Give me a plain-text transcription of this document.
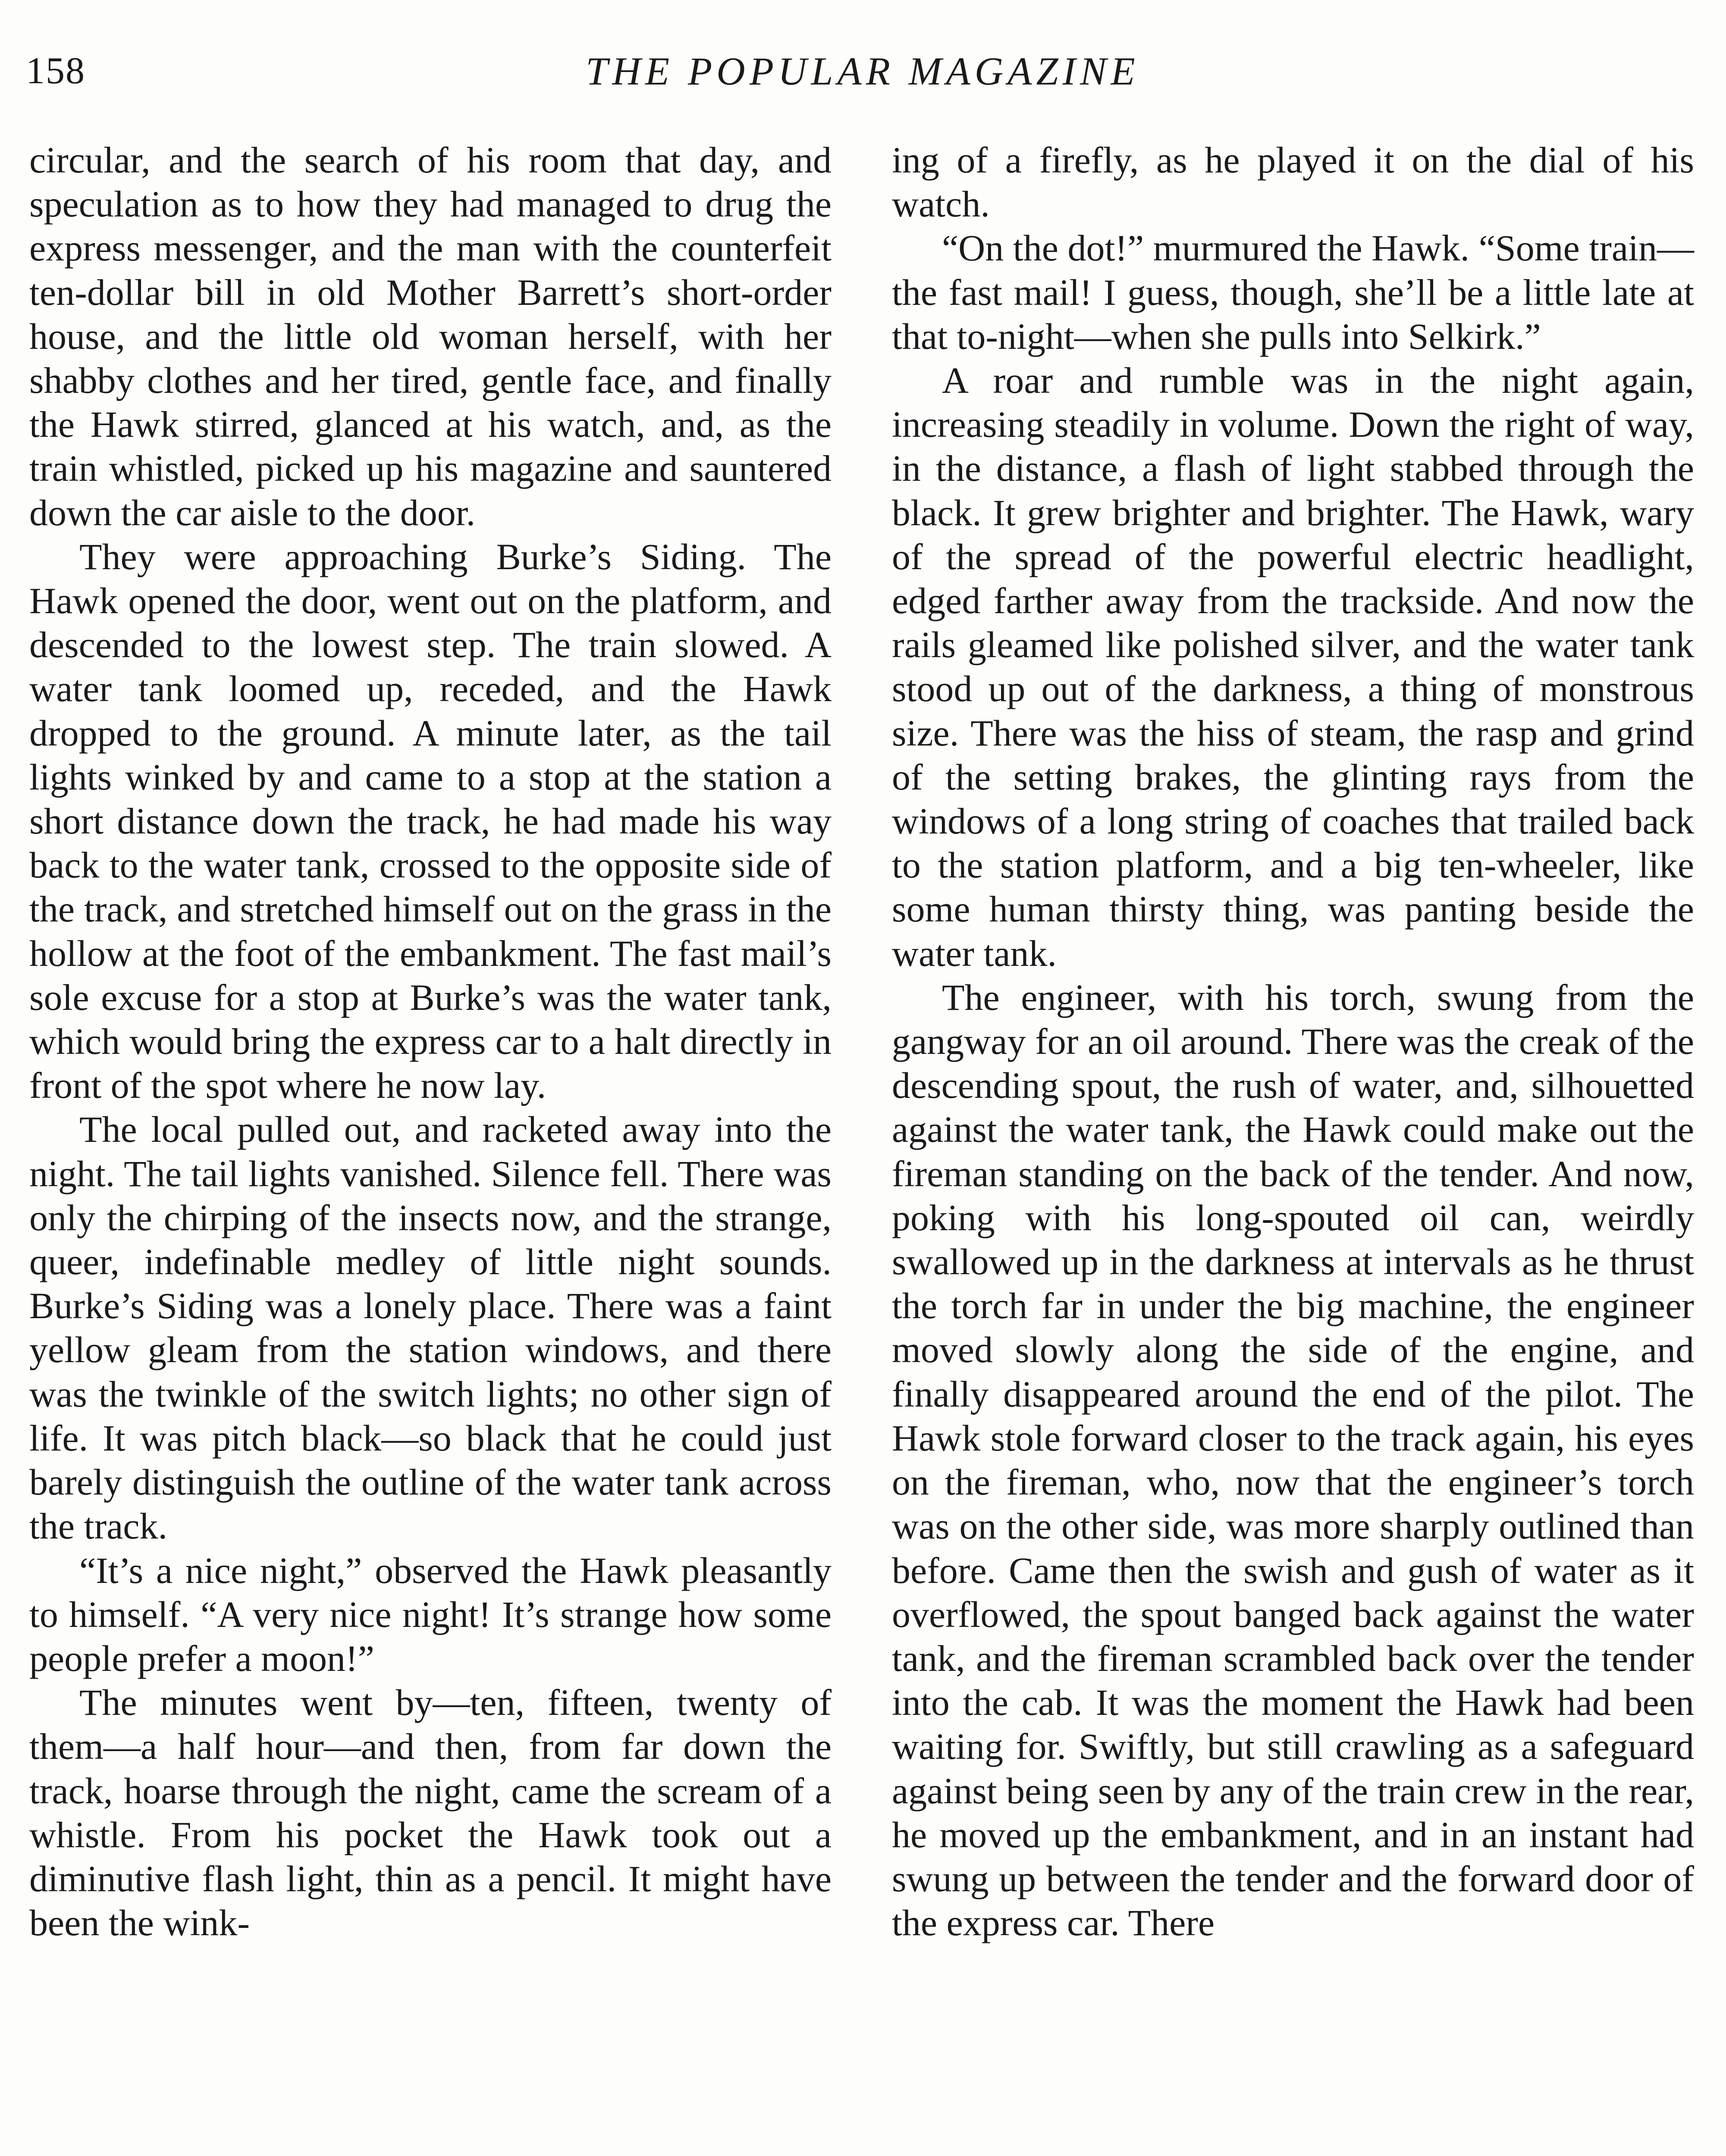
158	THE POPULAR MAGAZINE

circular, and the search of his room that day, and speculation as to how they had managed to drug the express messenger, and the man with the counterfeit ten-dollar bill in old Mother Barrett’s short-order house, and the little old woman herself, with her shabby clothes and her tired, gentle face, and finally the Hawk stirred, glanced at his watch, and, as the train whistled, picked up his magazine and sauntered down the car aisle to the door.

They were approaching Burke’s Siding. The Hawk opened the door, went out on the platform, and descended to the lowest step. The train slowed. A water tank loomed up, receded, and the Hawk dropped to the ground. A minute later, as the tail lights winked by and came to a stop at the station a short distance down the track, he had made his way back to the water tank, crossed to the opposite side of the track, and stretched himself out on the grass in the hollow at the foot of the embankment. The fast mail’s sole excuse for a stop at Burke’s was the water tank, which would bring the express car to a halt directly in front of the spot where he now lay.

The local pulled out, and racketed away into the night. The tail lights vanished. Silence fell. There was only the chirping of the insects now, and the strange, queer, indefinable medley of little night sounds. Burke’s Siding was a lonely place. There was a faint yellow gleam from the station windows, and there was the twinkle of the switch lights; no other sign of life. It was pitch black—so black that he could just barely distinguish the outline of the water tank across the track.

“It’s a nice night,” observed the Hawk pleasantly to himself. “A very nice night! It’s strange how some people prefer a moon!”

The minutes went by—ten, fifteen, twenty of them—a half hour—and then, from far down the track, hoarse through the night, came the scream of a whistle. From his pocket the Hawk took out a diminutive flash light, thin as a pencil. It might have been the wink-

ing of a firefly, as he played it on the dial of his watch.

“On the dot!” murmured the Hawk. “Some train—the fast mail! I guess, though, she’ll be a little late at that to-night—when she pulls into Selkirk.”

A roar and rumble was in the night again, increasing steadily in volume. Down the right of way, in the distance, a flash of light stabbed through the black. It grew brighter and brighter. The Hawk, wary of the spread of the powerful electric headlight, edged farther away from the trackside. And now the rails gleamed like polished silver, and the water tank stood up out of the darkness, a thing of monstrous size. There was the hiss of steam, the rasp and grind of the setting brakes, the glinting rays from the windows of a long string of coaches that trailed back to the station platform, and a big ten-wheeler, like some human thirsty thing, was panting beside the water tank.

The engineer, with his torch, swung from the gangway for an oil around. There was the creak of the descending spout, the rush of water, and, silhouetted against the water tank, the Hawk could make out the fireman standing on the back of the tender. And now, poking with his long-spouted oil can, weirdly swallowed up in the darkness at intervals as he thrust the torch far in under the big machine, the engineer moved slowly along the side of the engine, and finally disappeared around the end of the pilot. The Hawk stole forward closer to the track again, his eyes on the fireman, who, now that the engineer’s torch was on the other side, was more sharply outlined than before. Came then the swish and gush of water as it overflowed, the spout banged back against the water tank, and the fireman scrambled back over the tender into the cab. It was the moment the Hawk had been waiting for. Swiftly, but still crawling as a safeguard against being seen by any of the train crew in the rear, he moved up the embankment, and in an instant had swung up between the tender and the forward door of the express car. There
